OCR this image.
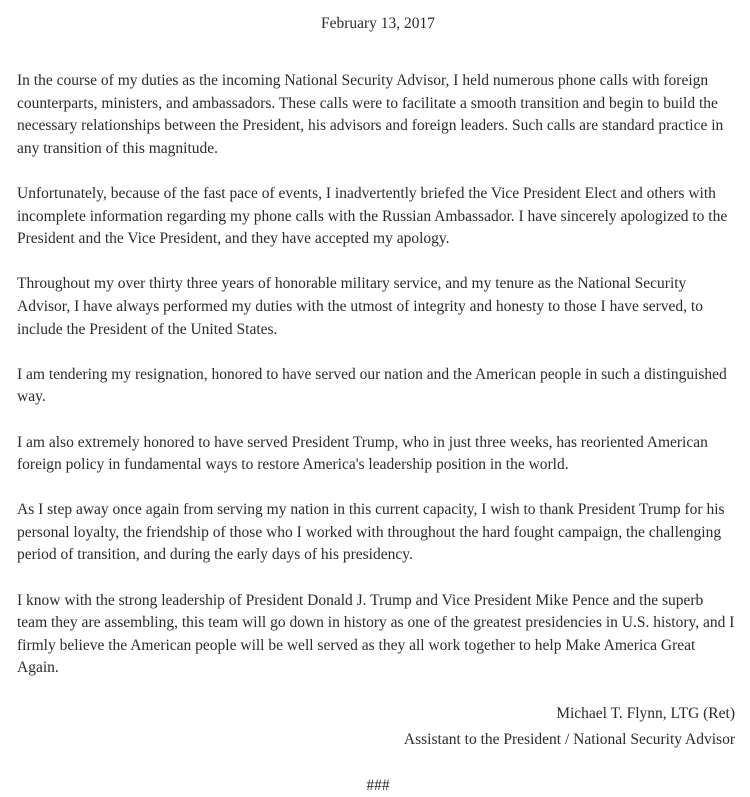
February 13, 2017

In the course of my duties as the incoming National Security Advisor, I held numerous phone calls with foreign counterparts, ministers, and ambassadors. These calls were to facilitate a smooth transition and begin to build the necessary relationships between the President, his advisors and foreign leaders. Such calls are standard practice in any transition of this magnitude.

Unfortunately, because of the fast pace of events, I inadvertently briefed the Vice President Elect and others with incomplete information regarding my phone calls with the Russian Ambassador. I have sincerely apologized to the President and the Vice President, and they have accepted my apology.

Throughout my over thirty three years of honorable military service, and my tenure as the National Security Advisor, I have always performed my duties with the utmost of integrity and honesty to those I have served, to include the President of the United States.

I am tendering my resignation, honored to have served our nation and the American people in such a distinguished way.

I am also extremely honored to have served President Trump, who in just three weeks, has reoriented American foreign policy in fundamental ways to restore America's leadership position in the world.

As I step away once again from serving my nation in this current capacity, I wish to thank President Trump for his personal loyalty, the friendship of those who I worked with throughout the hard fought campaign, the challenging period of transition, and during the early days of his presidency.

I know with the strong leadership of President Donald J. Trump and Vice President Mike Pence and the superb team they are assembling, this team will go down in history as one of the greatest presidencies in U.S. history, and I firmly believe the American people will be well served as they all work together to help Make America Great Again.

Michael T. Flynn, LTG (Ret)
Assistant to the President / National Security Advisor
###
